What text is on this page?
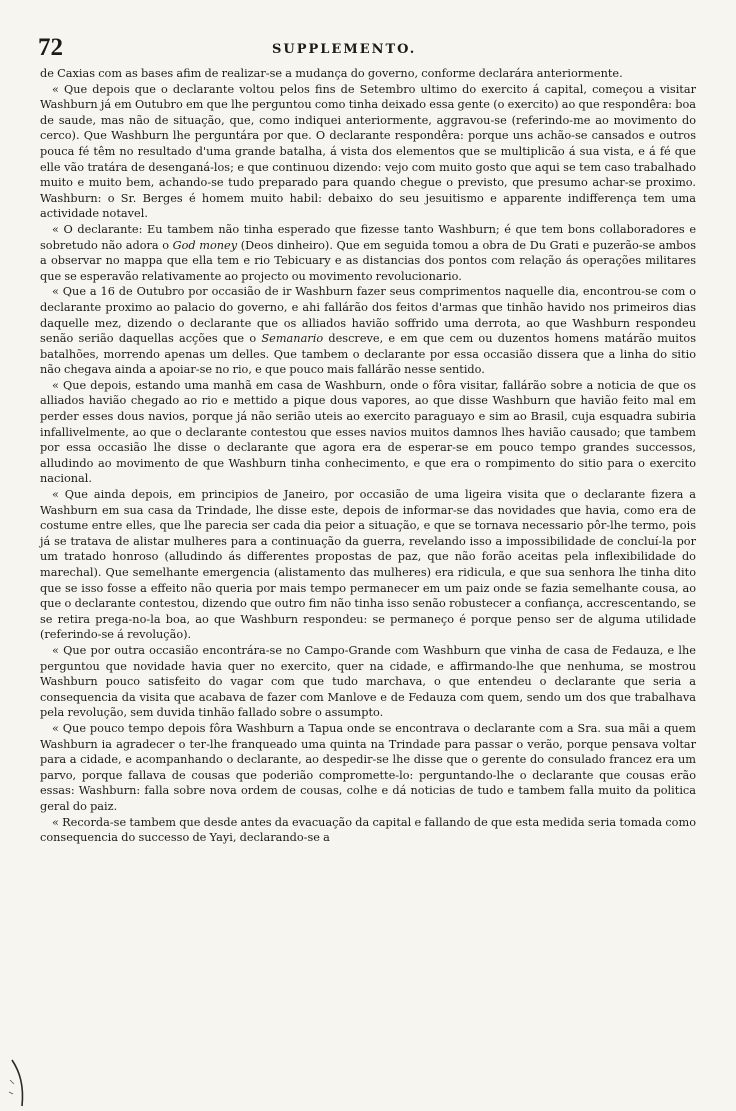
72	SUPPLEMENTO.

de Caxias com as bases afim de realizar-se a mudança do governo, conforme declarára anteriormente.

« Que depois que o declarante voltou pelos fins de Setembro ultimo do exercito á capital, começou a visitar Washburn já em Outubro em que lhe perguntou como tinha deixado essa gente (o exercito) ao que respondêra: boa de saude, mas não de situação, que, como indiquei anteriormente, aggravou-se (referindo-me ao movimento do cerco). Que Washburn lhe perguntára por que. O declarante respondêra: porque uns achão-se cansados e outros pouca fé têm no resultado d'uma grande batalha, á vista dos elementos que se multiplicão á sua vista, e á fé que elle vão tratára de desenganá-los; e que continuou dizendo: vejo com muito gosto que aqui se tem caso trabalhado muito e muito bem, achando-se tudo preparado para quando chegue o previsto, que presumo achar-se proximo. Washburn: o Sr. Berges é homem muito habil: debaixo do seu jesuitismo e apparente indifferença tem uma actividade notavel.

« O declarante: Eu tambem não tinha esperado que fizesse tanto Washburn; é que tem bons collaboradores e sobretudo não adora o God money (Deos dinheiro). Que em seguida tomou a obra de Du Grati e puzerão-se ambos a observar no mappa que ella tem e rio Tebicuary e as distancias dos pontos com relação ás operações militares que se esperavão relativamente ao projecto ou movimento revolucionario.

« Que a 16 de Outubro por occasião de ir Washburn fazer seus comprimentos naquelle dia, encontrou-se com o declarante proximo ao palacio do governo, e ahi fallárão dos feitos d'armas que tinhão havido nos primeiros dias daquelle mez, dizendo o declarante que os alliados havião soffrido uma derrota, ao que Washburn respondeu senão serião daquellas acções que o Semanario descreve, e em que cem ou duzentos homens matárão muitos batalhões, morrendo apenas um delles. Que tambem o declarante por essa occasião dissera que a linha do sitio não chegava ainda a apoiar-se no rio, e que pouco mais fallárão nesse sentido.

« Que depois, estando uma manhã em casa de Washburn, onde o fôra visitar, fallárão sobre a noticia de que os alliados havião chegado ao rio e mettido a pique dous vapores, ao que disse Washburn que havião feito mal em perder esses dous navios, porque já não serião uteis ao exercito paraguayo e sim ao Brasil, cuja esquadra subiria infallivelmente, ao que o declarante contestou que esses navios muitos damnos lhes havião causado; que tambem por essa occasião lhe disse o declarante que agora era de esperar-se em pouco tempo grandes successos, alludindo ao movimento de que Washburn tinha conhecimento, e que era o rompimento do sitio para o exercito nacional.

« Que ainda depois, em principios de Janeiro, por occasião de uma ligeira visita que o declarante fizera a Washburn em sua casa da Trindade, lhe disse este, depois de informar-se das novidades que havia, como era de costume entre elles, que lhe parecia ser cada dia peior a situação, e que se tornava necessario pôr-lhe termo, pois já se tratava de alistar mulheres para a continuação da guerra, revelando isso a impossibilidade de concluí-la por um tratado honroso (alludindo ás differentes propostas de paz, que não forão aceitas pela inflexibilidade do marechal). Que semelhante emergencia (alistamento das mulheres) era ridicula, e que sua senhora lhe tinha dito que se isso fosse a effeito não queria por mais tempo permanecer em um paiz onde se fazia semelhante cousa, ao que o declarante contestou, dizendo que outro fim não tinha isso senão robustecer a confiança, accrescentando, se se retira prega-no-la boa, ao que Washburn respondeu: se permaneço é porque penso ser de alguma utilidade (referindo-se á revolução).

« Que por outra occasião encontrára-se no Campo-Grande com Washburn que vinha de casa de Fedauza, e lhe perguntou que novidade havia quer no exercito, quer na cidade, e affirmando-lhe que nenhuma, se mostrou Washburn pouco satisfeito do vagar com que tudo marchava, o que entendeu o declarante que seria a consequencia da visita que acabava de fazer com Manlove e de Fedauza com quem, sendo um dos que trabalhava pela revolução, sem duvida tinhão fallado sobre o assumpto.

« Que pouco tempo depois fôra Washburn a Tapua onde se encontrava o declarante com a Sra. sua mãi a quem Washburn ia agradecer o ter-lhe franqueado uma quinta na Trindade para passar o verão, porque pensava voltar para a cidade, e acompanhando o declarante, ao despedir-se lhe disse que o gerente do consulado francez era um parvo, porque fallava de cousas que poderião compromette-lo: perguntando-lhe o declarante que cousas erão essas: Washburn: falla sobre nova ordem de cousas, colhe e dá noticias de tudo e tambem falla muito da politica geral do paiz.

« Recorda-se tambem que desde antes da evacuação da capital e fallando de que esta medida seria tomada como consequencia do successo de Yayi, declarando-se a
